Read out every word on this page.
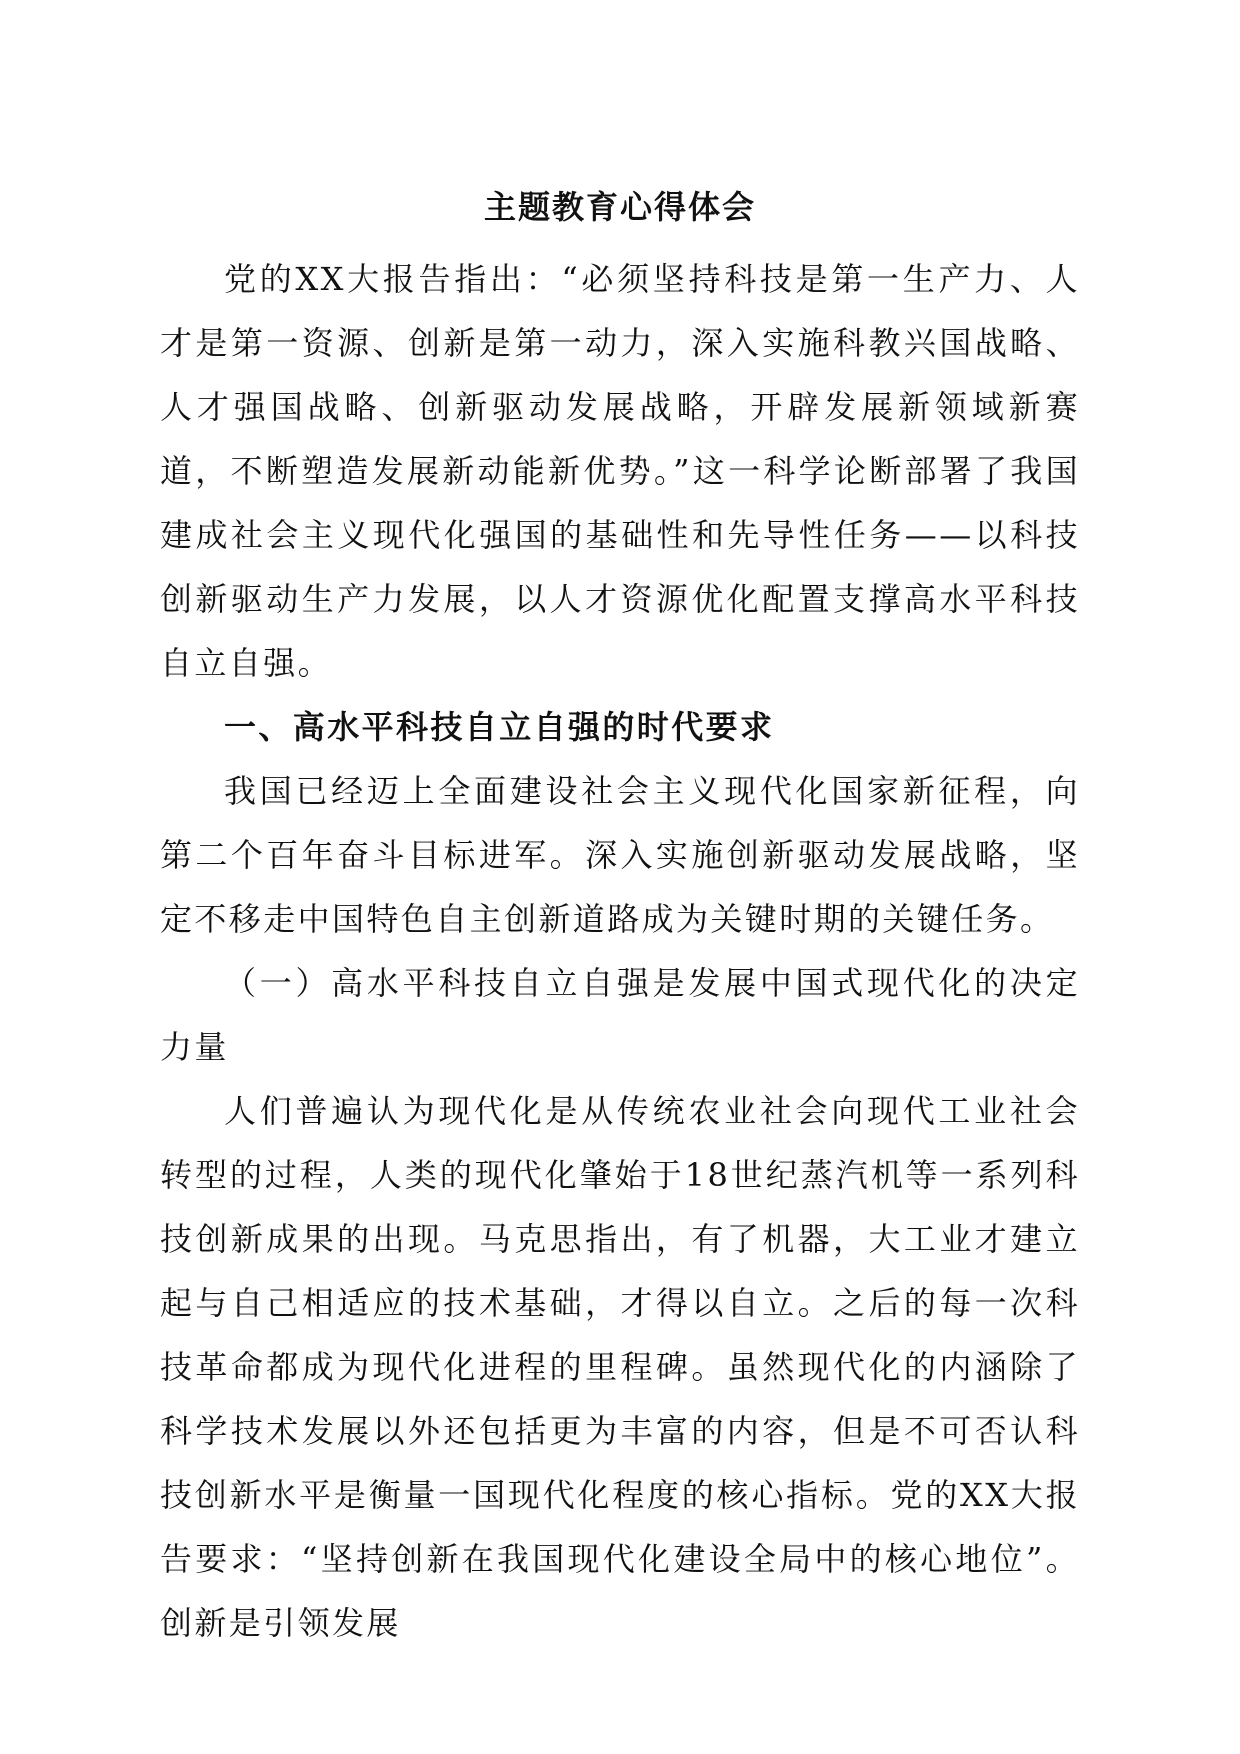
主题教育心得体会

党的XX大报告指出：“必须坚持科技是第一生产力、人才是第一资源、创新是第一动力，深入实施科教兴国战略、人才强国战略、创新驱动发展战略，开辟发展新领域新赛道，不断塑造发展新动能新优势。”这一科学论断部署了我国建成社会主义现代化强国的基础性和先导性任务——以科技创新驱动生产力发展，以人才资源优化配置支撑高水平科技自立自强。

一、高水平科技自立自强的时代要求

我国已经迈上全面建设社会主义现代化国家新征程，向第二个百年奋斗目标进军。深入实施创新驱动发展战略，坚定不移走中国特色自主创新道路成为关键时期的关键任务。

（一）高水平科技自立自强是发展中国式现代化的决定力量

人们普遍认为现代化是从传统农业社会向现代工业社会转型的过程，人类的现代化肇始于18世纪蒸汽机等一系列科技创新成果的出现。马克思指出，有了机器，大工业才建立起与自己相适应的技术基础，才得以自立。之后的每一次科技革命都成为现代化进程的里程碑。虽然现代化的内涵除了科学技术发展以外还包括更为丰富的内容，但是不可否认科技创新水平是衡量一国现代化程度的核心指标。党的XX大报告要求：“坚持创新在我国现代化建设全局中的核心地位”。创新是引领发展
